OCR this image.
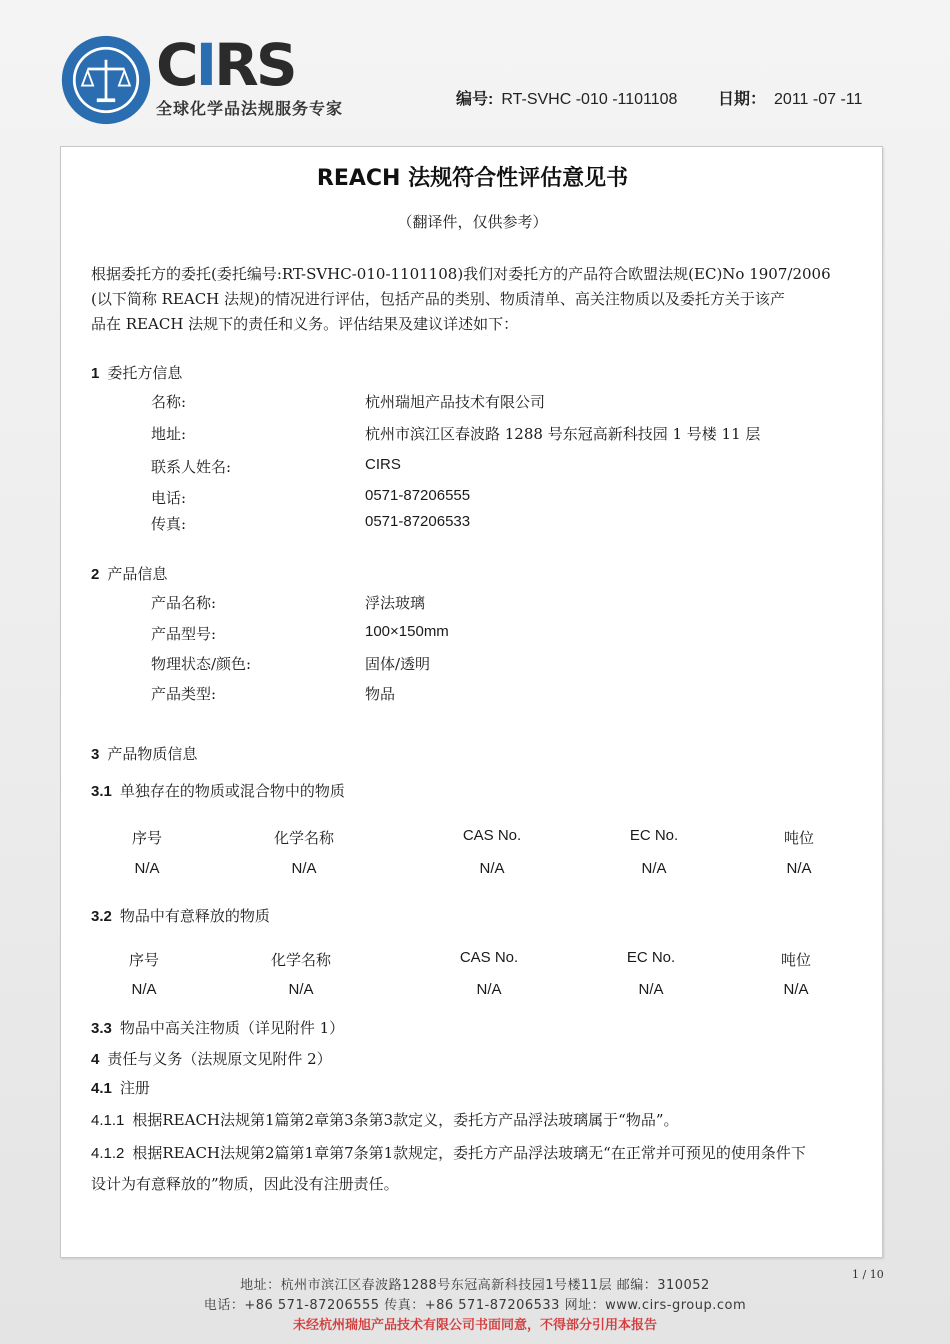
CIRS
全球化学品法规服务专家	编号: RT-SVHC -010 -1101108	日期： 2011 -07 -11
REACH 法规符合性评估意见书
（翻译件，仅供参考）
根据委托方的委托(委托编号:RT-SVHC-010-1101108)我们对委托方的产品符合欧盟法规(EC)No 1907/2006
(以下简称 REACH 法规)的情况进行评估，包括产品的类别、物质清单、高关注物质以及委托方关于该产
品在 REACH 法规下的责任和义务。评估结果及建议详述如下：
1 委托方信息
名称:	杭州瑞旭产品技术有限公司
地址:	杭州市滨江区春波路 1288 号东冠高新科技园 1 号楼 11 层
联系人姓名:	CIRS
电话:	0571-87206555
传真:	0571-87206533
2 产品信息
产品名称:	浮法玻璃
产品型号:	100×150mm
物理状态/颜色:	固体/透明
产品类型:	物品
3 产品物质信息
3.1 单独存在的物质或混合物中的物质
序号	化学名称	CAS No.	EC No.	吨位
N/A	N/A	N/A	N/A	N/A
3.2 物品中有意释放的物质
序号	化学名称	CAS No.	EC No.	吨位
N/A	N/A	N/A	N/A	N/A
3.3 物品中高关注物质（详见附件 1）
4 责任与义务（法规原文见附件 2）
4.1 注册
4.1.1 根据REACH法规第1篇第2章第3条第3款定义，委托方产品浮法玻璃属于“物品”。
4.1.2 根据REACH法规第2篇第1章第7条第1款规定，委托方产品浮法玻璃无“在正常并可预见的使用条件下
设计为有意释放的”物质，因此没有注册责任。
1 / 10
地址：杭州市滨江区春波路1288号东冠高新科技园1号楼11层 邮编：310052
电话：+86 571-87206555 传真：+86 571-87206533 网址：www.cirs-group.com
未经杭州瑞旭产品技术有限公司书面同意，不得部分引用本报告
